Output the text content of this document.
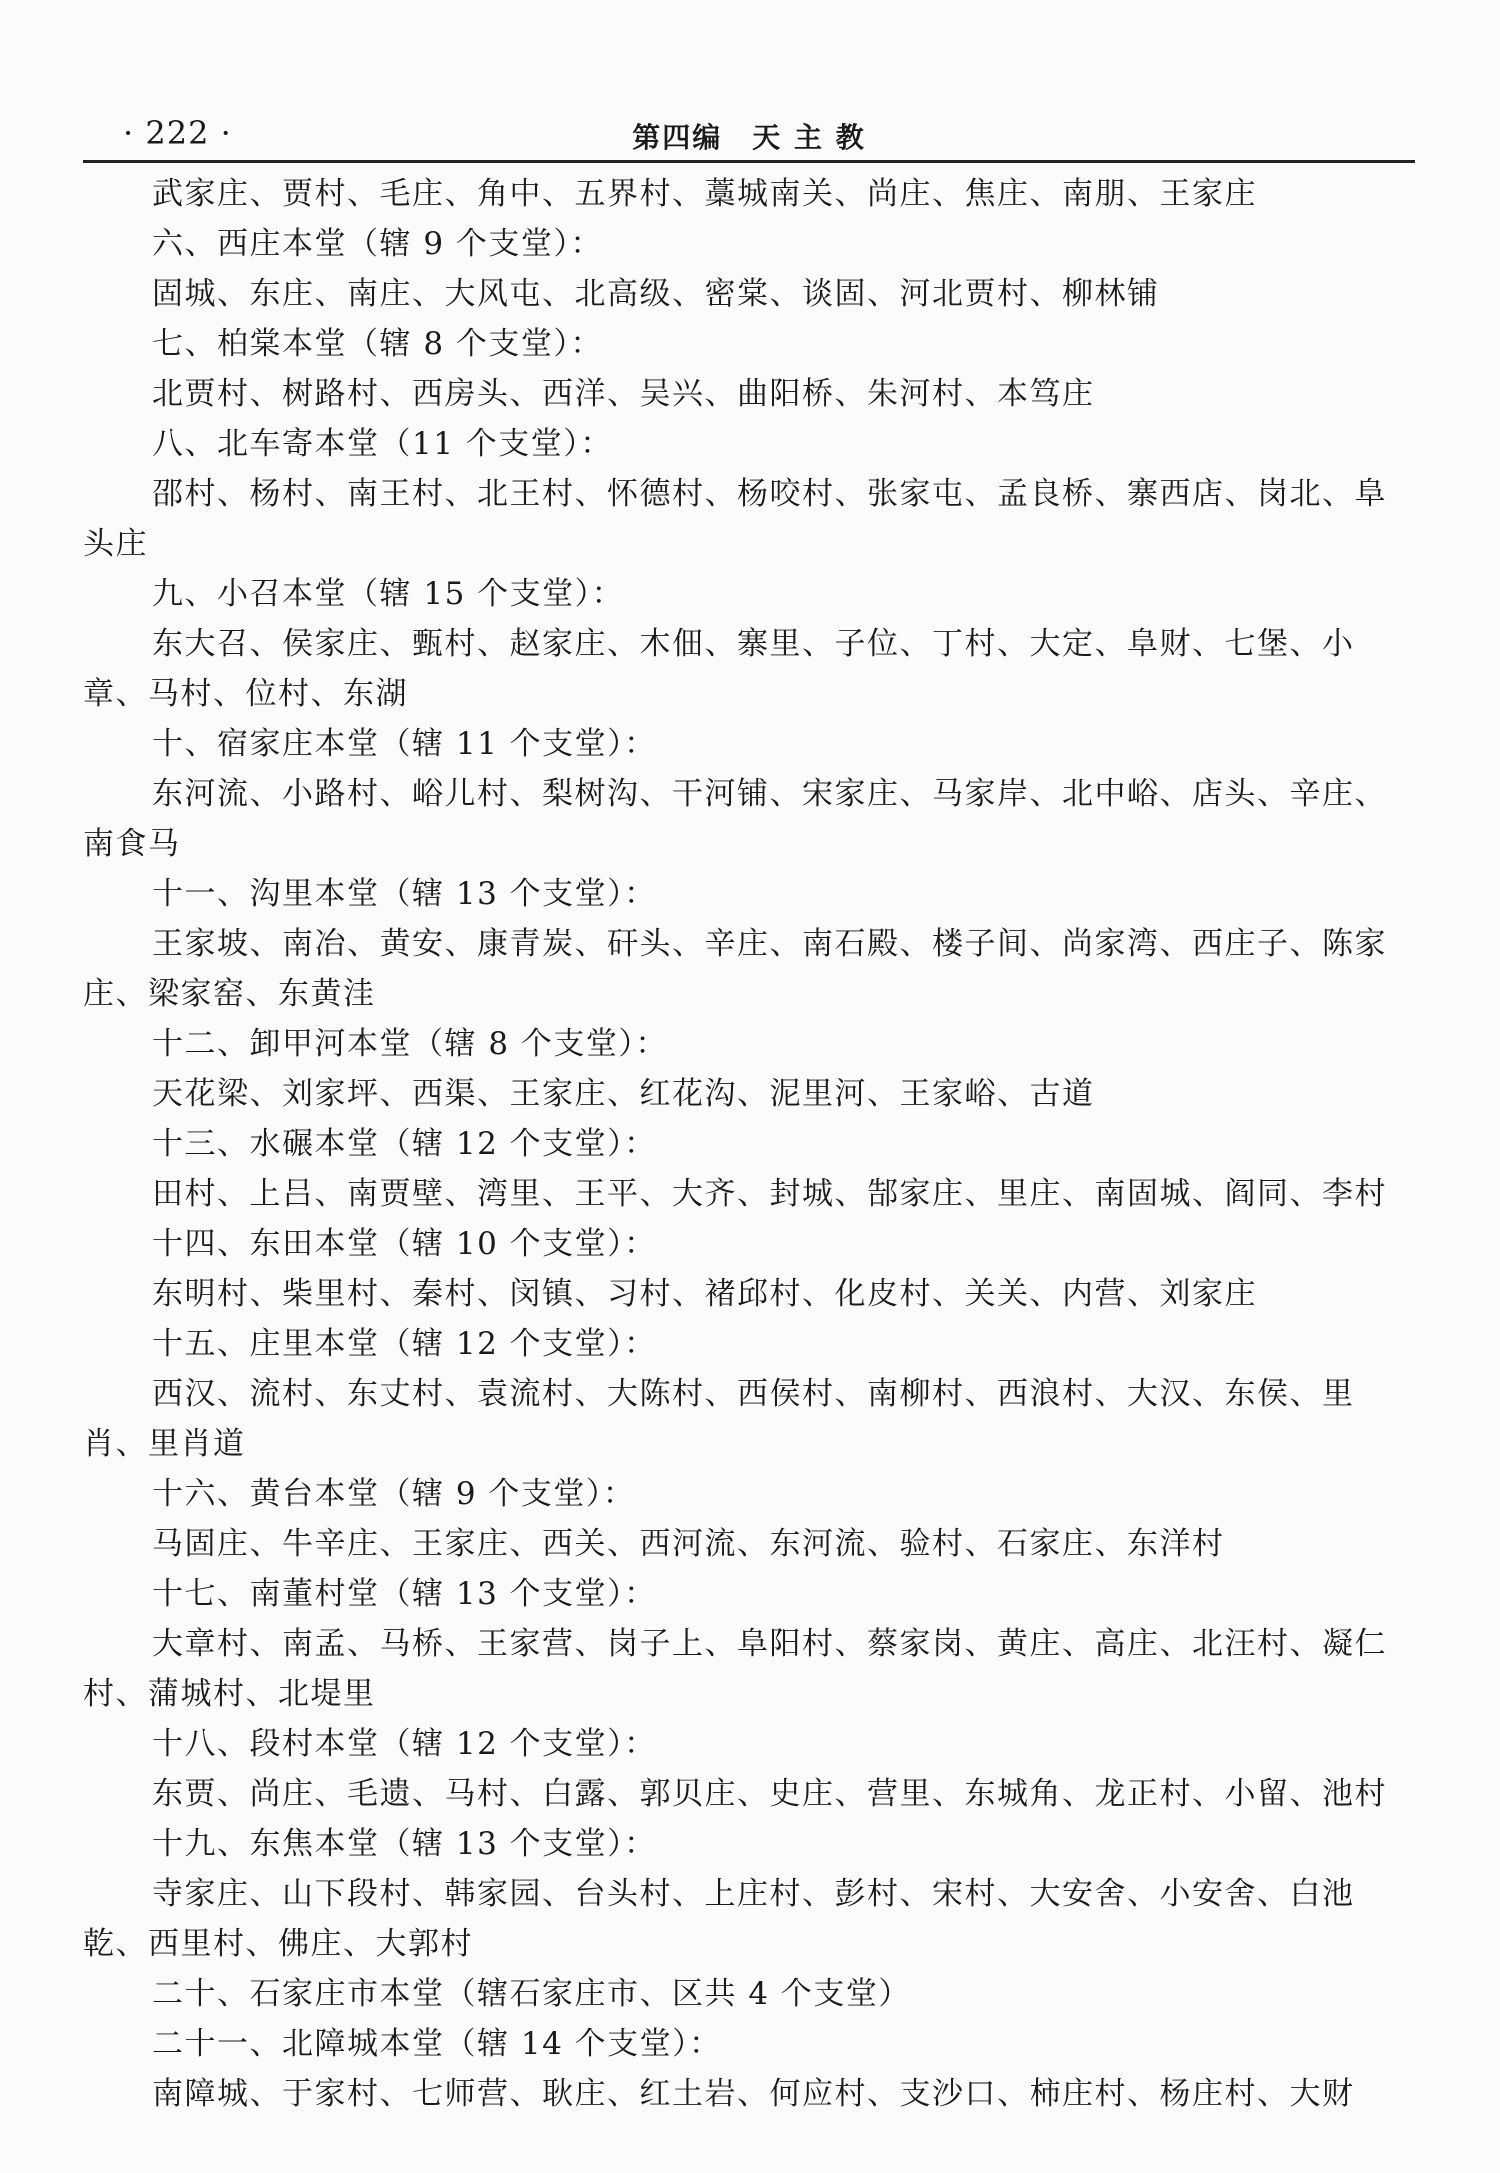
· 222 ·	第四编　天 主 教
武家庄、贾村、毛庄、角中、五界村、藁城南关、尚庄、焦庄、南朋、王家庄
六、西庄本堂（辖 9 个支堂）：
固城、东庄、南庄、大风屯、北高级、密棠、谈固、河北贾村、柳林铺
七、柏棠本堂（辖 8 个支堂）：
北贾村、树路村、西房头、西洋、吴兴、曲阳桥、朱河村、本笃庄
八、北车寄本堂（11 个支堂）：
邵村、杨村、南王村、北王村、怀德村、杨咬村、张家屯、孟良桥、寨西店、岗北、阜
头庄
九、小召本堂（辖 15 个支堂）：
东大召、侯家庄、甄村、赵家庄、木佃、寨里、子位、丁村、大定、阜财、七堡、小
章、马村、位村、东湖
十、宿家庄本堂（辖 11 个支堂）：
东河流、小路村、峪儿村、梨树沟、干河铺、宋家庄、马家岸、北中峪、店头、辛庄、
南食马
十一、沟里本堂（辖 13 个支堂）：
王家坡、南冶、黄安、康青炭、矸头、辛庄、南石殿、楼子间、尚家湾、西庄子、陈家
庄、梁家窑、东黄洼
十二、卸甲河本堂（辖 8 个支堂）：
天花梁、刘家坪、西渠、王家庄、红花沟、泥里河、王家峪、古道
十三、水碾本堂（辖 12 个支堂）：
田村、上吕、南贾壁、湾里、王平、大齐、封城、郜家庄、里庄、南固城、阎同、李村
十四、东田本堂（辖 10 个支堂）：
东明村、柴里村、秦村、闵镇、习村、褚邱村、化皮村、关关、内营、刘家庄
十五、庄里本堂（辖 12 个支堂）：
西汉、流村、东丈村、袁流村、大陈村、西侯村、南柳村、西浪村、大汉、东侯、里
肖、里肖道
十六、黄台本堂（辖 9 个支堂）：
马固庄、牛辛庄、王家庄、西关、西河流、东河流、验村、石家庄、东洋村
十七、南董村堂（辖 13 个支堂）：
大章村、南孟、马桥、王家营、岗子上、阜阳村、蔡家岗、黄庄、高庄、北汪村、凝仁
村、蒲城村、北堤里
十八、段村本堂（辖 12 个支堂）：
东贾、尚庄、毛遗、马村、白露、郭贝庄、史庄、营里、东城角、龙正村、小留、池村
十九、东焦本堂（辖 13 个支堂）：
寺家庄、山下段村、韩家园、台头村、上庄村、彭村、宋村、大安舍、小安舍、白池
乾、西里村、佛庄、大郭村
二十、石家庄市本堂（辖石家庄市、区共 4 个支堂）
二十一、北障城本堂（辖 14 个支堂）：
南障城、于家村、七师营、耿庄、红土岩、何应村、支沙口、柿庄村、杨庄村、大财
